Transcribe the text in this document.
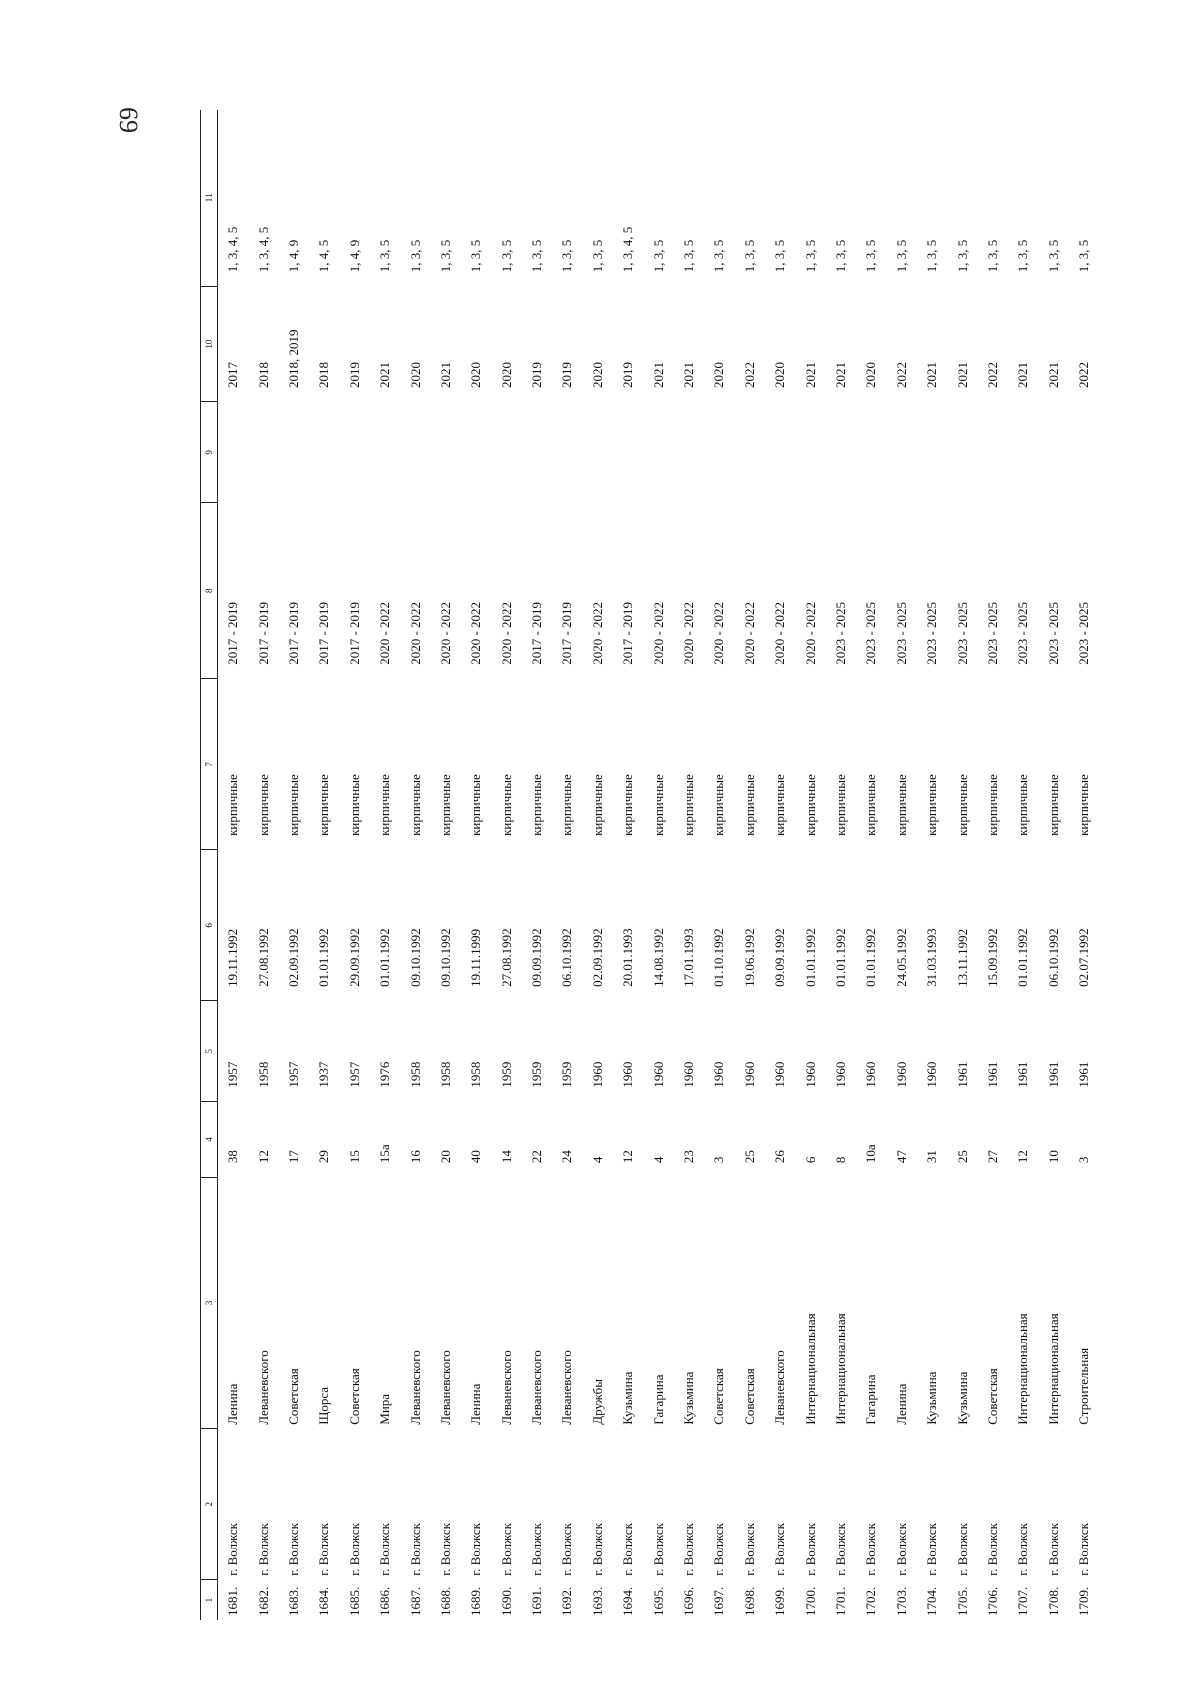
69
1	2	3	4	5	6	7	8	9	10	11
1681.	г. Волжск	Ленина	38	1957	19.11.1992	кирпичные	2017 - 2019		2017	1, 3, 4, 5
1682.	г. Волжск	Леваневского	12	1958	27.08.1992	кирпичные	2017 - 2019		2018	1, 3, 4, 5
1683.	г. Волжск	Советская	17	1957	02.09.1992	кирпичные	2017 - 2019		2018, 2019	1, 4, 9
1684.	г. Волжск	Щорса	29	1937	01.01.1992	кирпичные	2017 - 2019		2018	1, 4, 5
1685.	г. Волжск	Советская	15	1957	29.09.1992	кирпичные	2017 - 2019		2019	1, 4, 9
1686.	г. Волжск	Мира	15а	1976	01.01.1992	кирпичные	2020 - 2022		2021	1, 3, 5
1687.	г. Волжск	Леваневского	16	1958	09.10.1992	кирпичные	2020 - 2022		2020	1, 3, 5
1688.	г. Волжск	Леваневского	20	1958	09.10.1992	кирпичные	2020 - 2022		2021	1, 3, 5
1689.	г. Волжск	Ленина	40	1958	19.11.1999	кирпичные	2020 - 2022		2020	1, 3, 5
1690.	г. Волжск	Леваневского	14	1959	27.08.1992	кирпичные	2020 - 2022		2020	1, 3, 5
1691.	г. Волжск	Леваневского	22	1959	09.09.1992	кирпичные	2017 - 2019		2019	1, 3, 5
1692.	г. Волжск	Леваневского	24	1959	06.10.1992	кирпичные	2017 - 2019		2019	1, 3, 5
1693.	г. Волжск	Дружбы	4	1960	02.09.1992	кирпичные	2020 - 2022		2020	1, 3, 5
1694.	г. Волжск	Кузьмина	12	1960	20.01.1993	кирпичные	2017 - 2019		2019	1, 3, 4, 5
1695.	г. Волжск	Гагарина	4	1960	14.08.1992	кирпичные	2020 - 2022		2021	1, 3, 5
1696.	г. Волжск	Кузьмина	23	1960	17.01.1993	кирпичные	2020 - 2022		2021	1, 3, 5
1697.	г. Волжск	Советская	3	1960	01.10.1992	кирпичные	2020 - 2022		2020	1, 3, 5
1698.	г. Волжск	Советская	25	1960	19.06.1992	кирпичные	2020 - 2022		2022	1, 3, 5
1699.	г. Волжск	Леваневского	26	1960	09.09.1992	кирпичные	2020 - 2022		2020	1, 3, 5
1700.	г. Волжск	Интернациональная	6	1960	01.01.1992	кирпичные	2020 - 2022		2021	1, 3, 5
1701.	г. Волжск	Интернациональная	8	1960	01.01.1992	кирпичные	2023 - 2025		2021	1, 3, 5
1702.	г. Волжск	Гагарина	10а	1960	01.01.1992	кирпичные	2023 - 2025		2020	1, 3, 5
1703.	г. Волжск	Ленина	47	1960	24.05.1992	кирпичные	2023 - 2025		2022	1, 3, 5
1704.	г. Волжск	Кузьмина	31	1960	31.03.1993	кирпичные	2023 - 2025		2021	1, 3, 5
1705.	г. Волжск	Кузьмина	25	1961	13.11.1992	кирпичные	2023 - 2025		2021	1, 3, 5
1706.	г. Волжск	Советская	27	1961	15.09.1992	кирпичные	2023 - 2025		2022	1, 3, 5
1707.	г. Волжск	Интернациональная	12	1961	01.01.1992	кирпичные	2023 - 2025		2021	1, 3, 5
1708.	г. Волжск	Интернациональная	10	1961	06.10.1992	кирпичные	2023 - 2025		2021	1, 3, 5
1709.	г. Волжск	Строительная	3	1961	02.07.1992	кирпичные	2023 - 2025		2022	1, 3, 5
